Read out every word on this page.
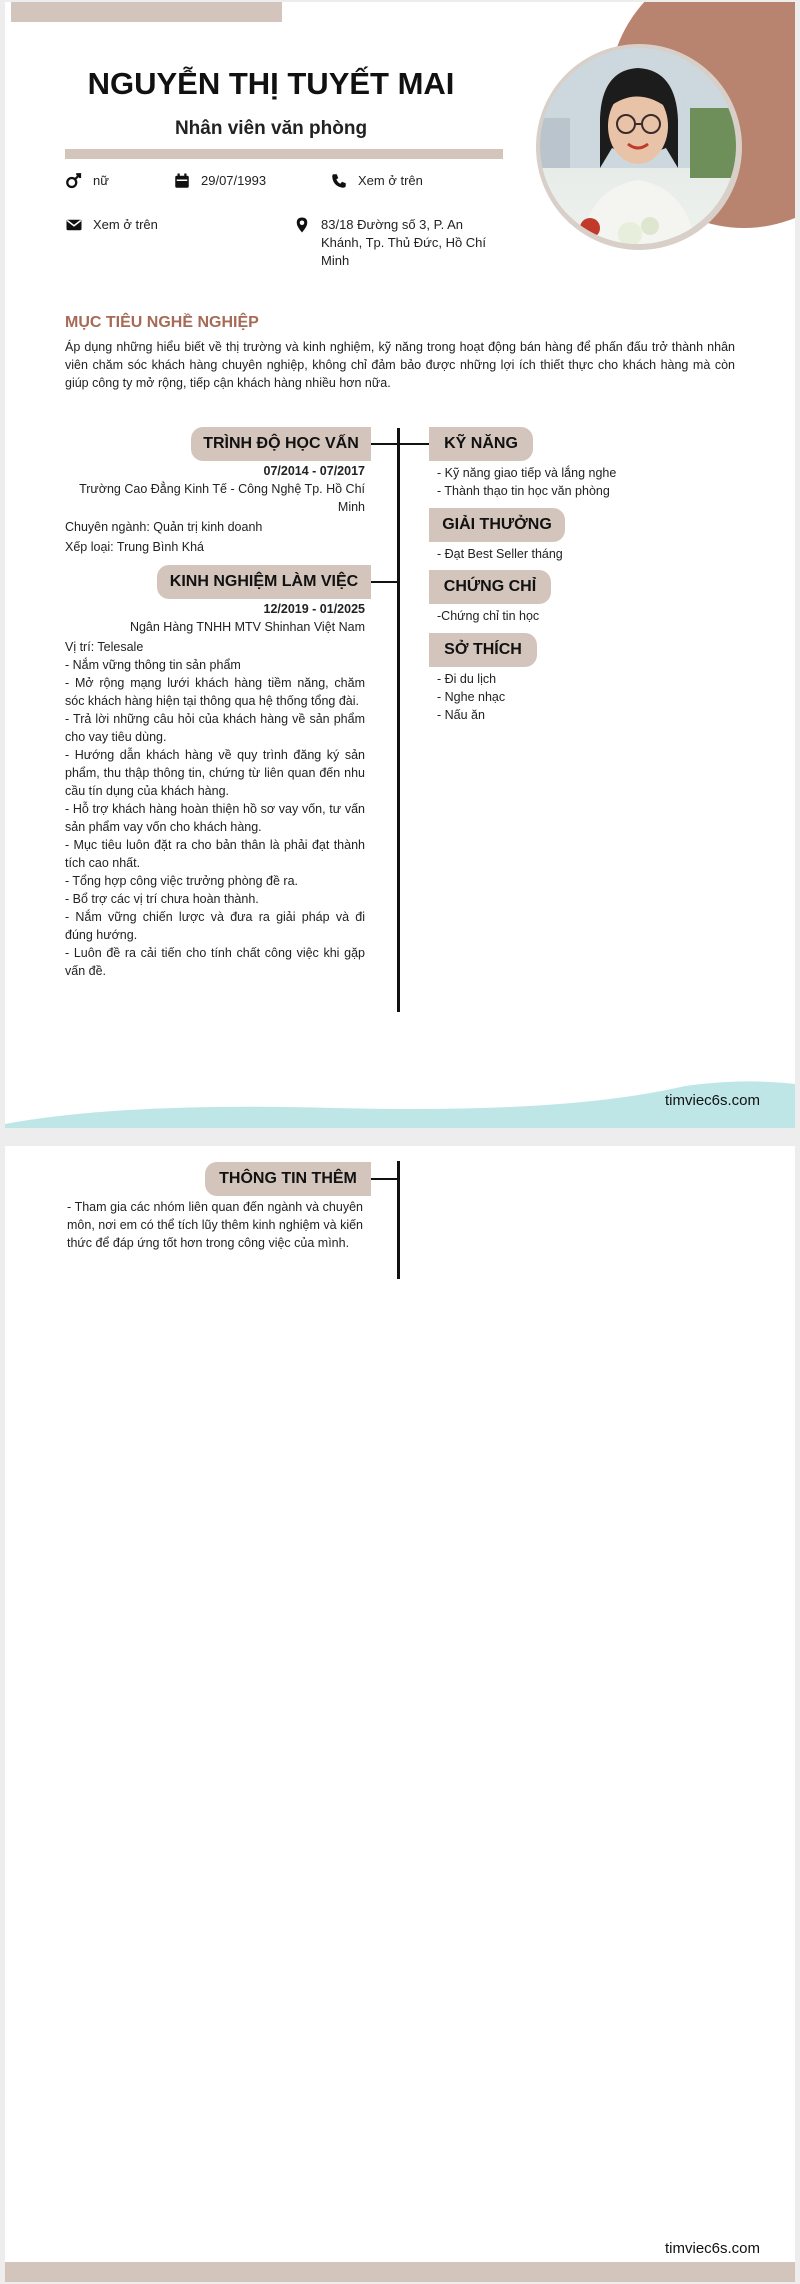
NGUYỄN THỊ TUYẾT MAI
Nhân viên văn phòng
nữ	29/07/1993	Xem ở trên
Xem ở trên	83/18 Đường số 3, P. An
Khánh, Tp. Thủ Đức, Hồ Chí
Minh
MỤC TIÊU NGHỀ NGHIỆP
Áp dụng những hiểu biết về thị trường và kinh nghiệm, kỹ năng trong hoạt động bán hàng để phấn đấu trở thành nhân viên chăm sóc khách hàng chuyên nghiệp, không chỉ đảm bảo được những lợi ích thiết thực cho khách hàng mà còn giúp công ty mở rộng, tiếp cận khách hàng nhiều hơn nữa.
TRÌNH ĐỘ HỌC VẤN
07/2014 - 07/2017
Trường Cao Đẳng Kinh Tế - Công Nghệ Tp. Hồ Chí
Minh
Chuyên ngành: Quản trị kinh doanh
Xếp loại: Trung Bình Khá
KINH NGHIỆM LÀM VIỆC
12/2019 - 01/2025
Ngân Hàng TNHH MTV Shinhan Việt Nam
Vị trí: Telesale
- Nắm vững thông tin sản phẩm
- Mở rộng mạng lưới khách hàng tiềm năng, chăm sóc khách hàng hiện tại thông qua hệ thống tổng đài.
- Trả lời những câu hỏi của khách hàng về sản phẩm cho vay tiêu dùng.
- Hướng dẫn khách hàng về quy trình đăng ký sản phẩm, thu thập thông tin, chứng từ liên quan đến nhu cầu tín dụng của khách hàng.
- Hỗ trợ khách hàng hoàn thiện hồ sơ vay vốn, tư vấn sản phẩm vay vốn cho khách hàng.
- Mục tiêu luôn đặt ra cho bản thân là phải đạt thành tích cao nhất.
- Tổng hợp công việc trưởng phòng đề ra.
- Bổ trợ các vị trí chưa hoàn thành.
- Nắm vững chiến lược và đưa ra giải pháp và đi đúng hướng.
- Luôn đề ra cải tiến cho tính chất công việc khi gặp vấn đề.
KỸ NĂNG
- Kỹ năng giao tiếp và lắng nghe
- Thành thạo tin học văn phòng
GIẢI THƯỞNG
- Đạt Best Seller tháng
CHỨNG CHỈ
-Chứng chỉ tin học
SỞ THÍCH
- Đi du lịch
- Nghe nhạc
- Nấu ăn
timviec6s.com
THÔNG TIN THÊM
- Tham gia các nhóm liên quan đến ngành và chuyên môn, nơi em có thể tích lũy thêm kinh nghiệm và kiến thức để đáp ứng tốt hơn trong công việc của mình.
timviec6s.com
